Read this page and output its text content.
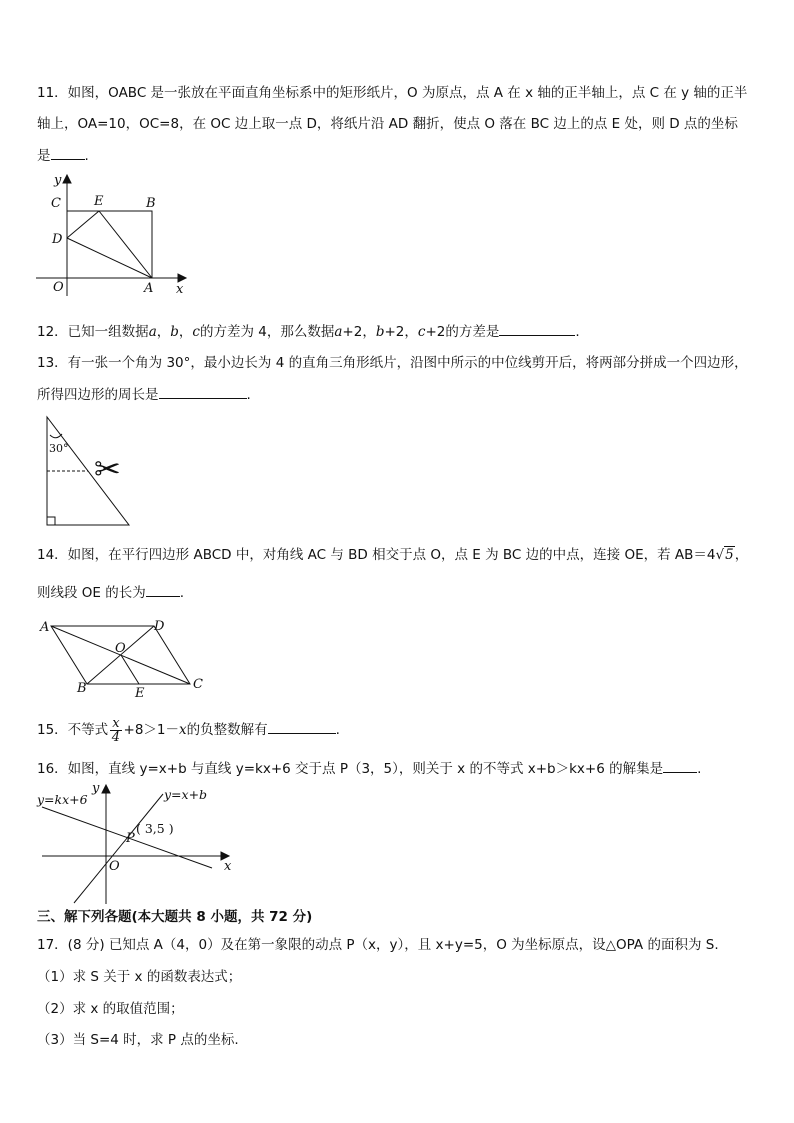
11．如图，OABC 是一张放在平面直角坐标系中的矩形纸片，O 为原点，点 A 在 x 轴的正半轴上，点 C 在 y 轴的正半
轴上，OA=10，OC=8，在 OC 边上取一点 D，将纸片沿 AD 翻折，使点 O 落在 BC 边上的点 E 处，则 D 点的坐标
是	.
y
C	E	B
D
O	A x
12．已知一组数据a，b，c的方差为 4，那么数据a+2，b+2，c+2的方差是	.
13．有一张一个角为 30°，最小边长为 4 的直角三角形纸片，沿图中所示的中位线剪开后，将两部分拼成一个四边形，
所得四边形的周长是	.
30°
✂
14．如图，在平行四边形 ABCD 中，对角线 AC 与 BD 相交于点 O，点 E 为 BC 边的中点，连接 OE，若 AB＝4√5，
则线段 OE 的长为	.
A	D
O
B	E
C
15．不等式 $\frac{x}{4} +8>1-x$的负整数解有	.
16．如图，直线 y=x+b 与直线 y=kx+6 交于点 P（3，5），则关于 x 的不等式 x+b＞kx+6 的解集是	.
y=kx+6	y=x+b
y
P
( 3,5 )
O	x
三、解下列各题(本大题共 8 小题，共 72 分)
17．(8 分) 已知点 A（4，0）及在第一象限的动点 P（x，y），且 x+y=5，O 为坐标原点，设△OPA 的面积为 S.
（1）求 S 关于 x 的函数表达式；
（2）求 x 的取值范围；
（3）当 S=4 时，求 P 点的坐标.
